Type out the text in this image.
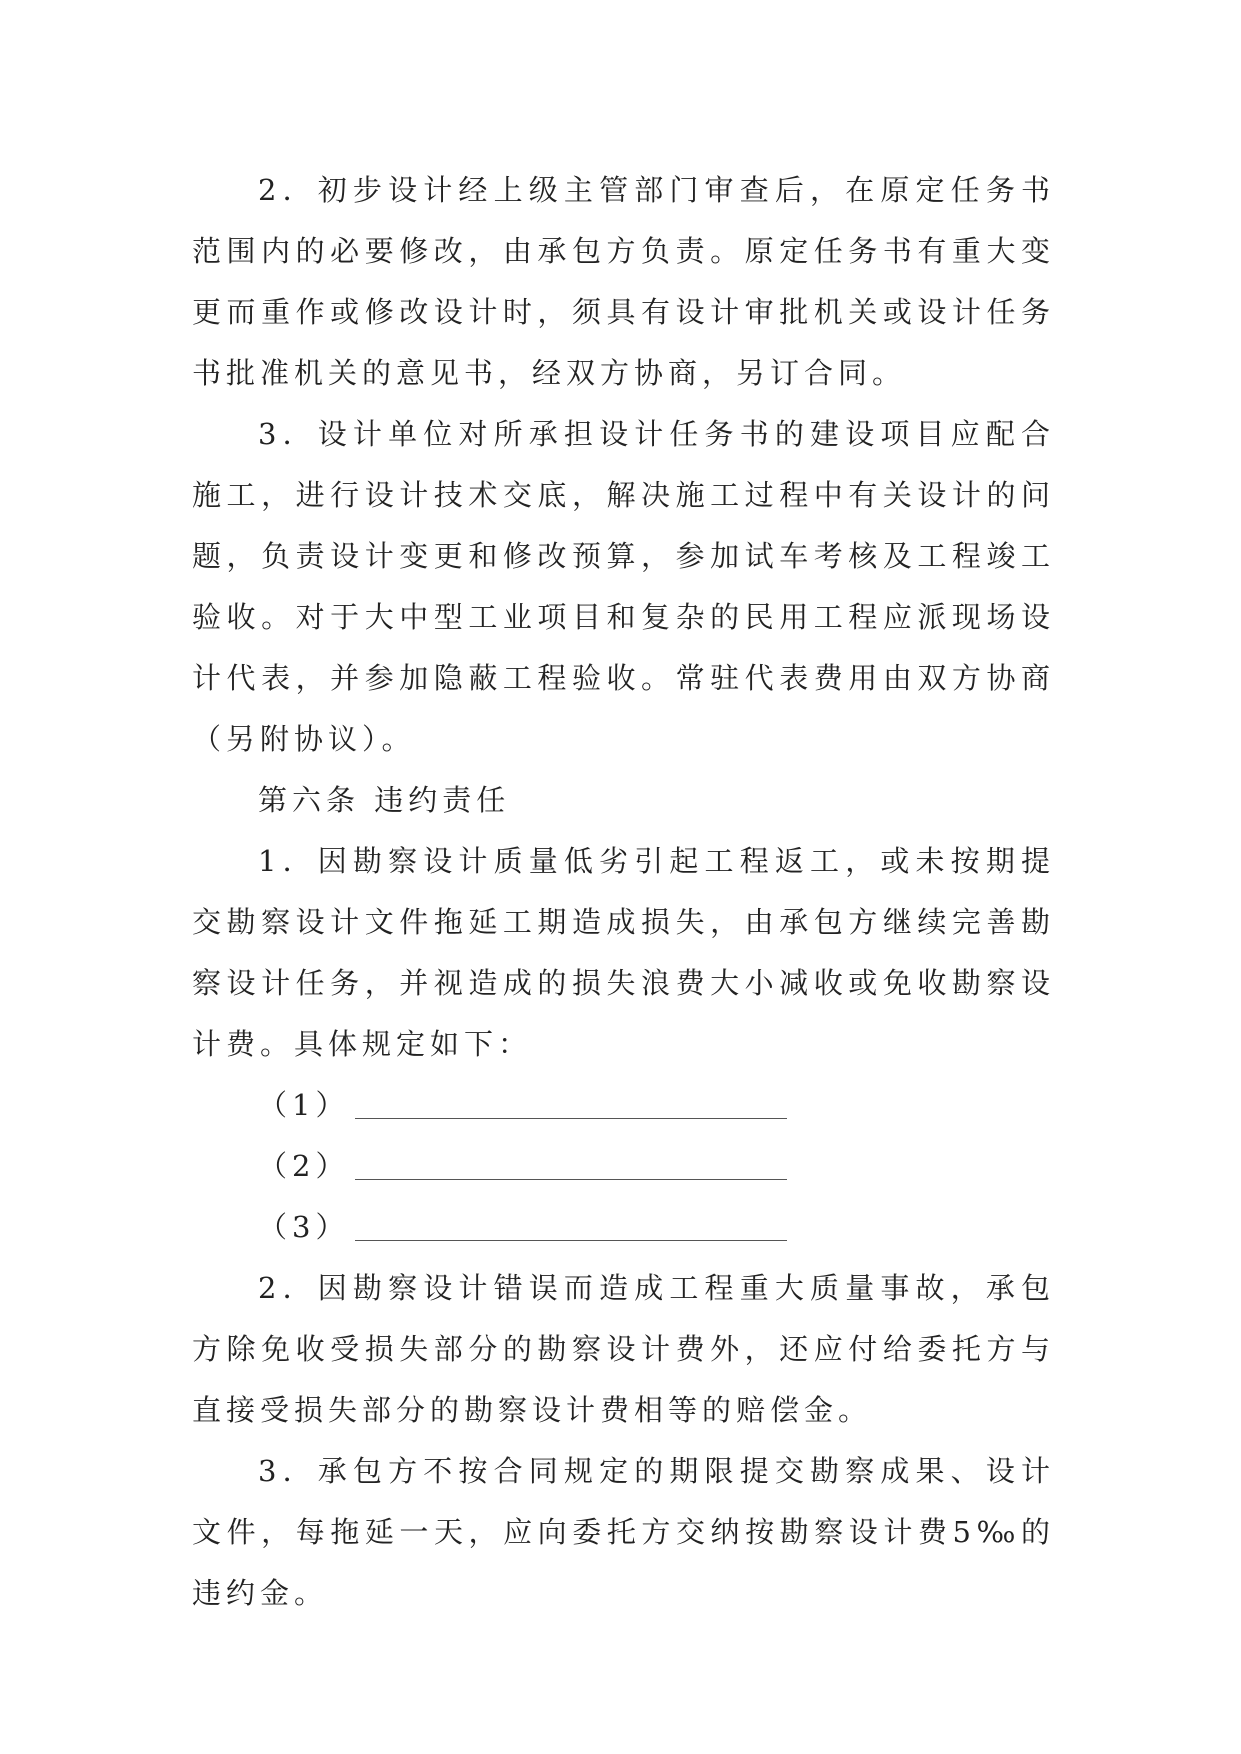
2．初步设计经上级主管部门审查后，在原定任务书范围内的必要修改，由承包方负责。原定任务书有重大变更而重作或修改设计时，须具有设计审批机关或设计任务书批准机关的意见书，经双方协商，另订合同。

3．设计单位对所承担设计任务书的建设项目应配合施工，进行设计技术交底，解决施工过程中有关设计的问题，负责设计变更和修改预算，参加试车考核及工程竣工验收。对于大中型工业项目和复杂的民用工程应派现场设计代表，并参加隐蔽工程验收。常驻代表费用由双方协商（另附协议）。

第六条 违约责任

1．因勘察设计质量低劣引起工程返工，或未按期提交勘察设计文件拖延工期造成损失，由承包方继续完善勘察设计任务，并视造成的损失浪费大小减收或免收勘察设计费。具体规定如下：

（1）

（2）

（3）

2．因勘察设计错误而造成工程重大质量事故，承包方除免收受损失部分的勘察设计费外，还应付给委托方与直接受损失部分的勘察设计费相等的赔偿金。

3．承包方不按合同规定的期限提交勘察成果、设计文件，每拖延一天，应向委托方交纳按勘察设计费5‰的违约金。
